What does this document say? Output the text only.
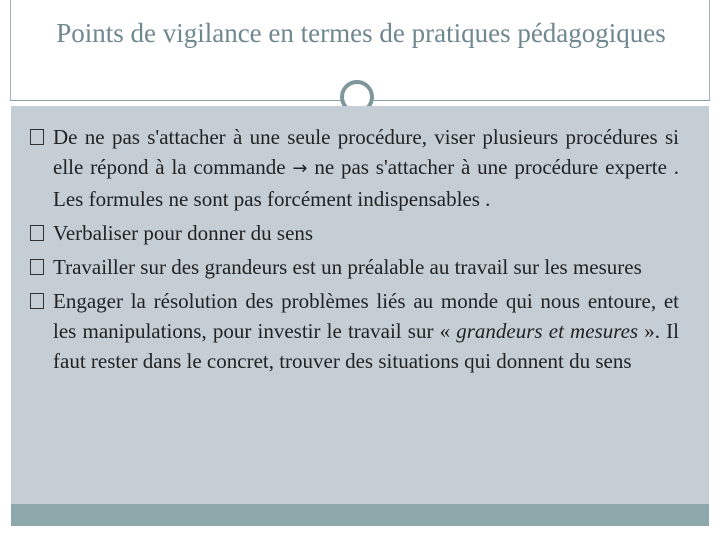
Points de vigilance en termes de pratiques pédagogiques
De ne pas s'attacher à une seule procédure, viser plusieurs procédures si elle répond à la commande → ne pas s'attacher à une procédure experte . Les formules ne sont pas forcément indispensables .
Verbaliser pour donner du sens
Travailler sur des grandeurs est un préalable au travail sur les mesures
Engager la résolution des problèmes liés au monde qui nous entoure, et les manipulations, pour investir le travail sur « grandeurs et mesures ». Il faut rester dans le concret, trouver des situations qui donnent du sens
